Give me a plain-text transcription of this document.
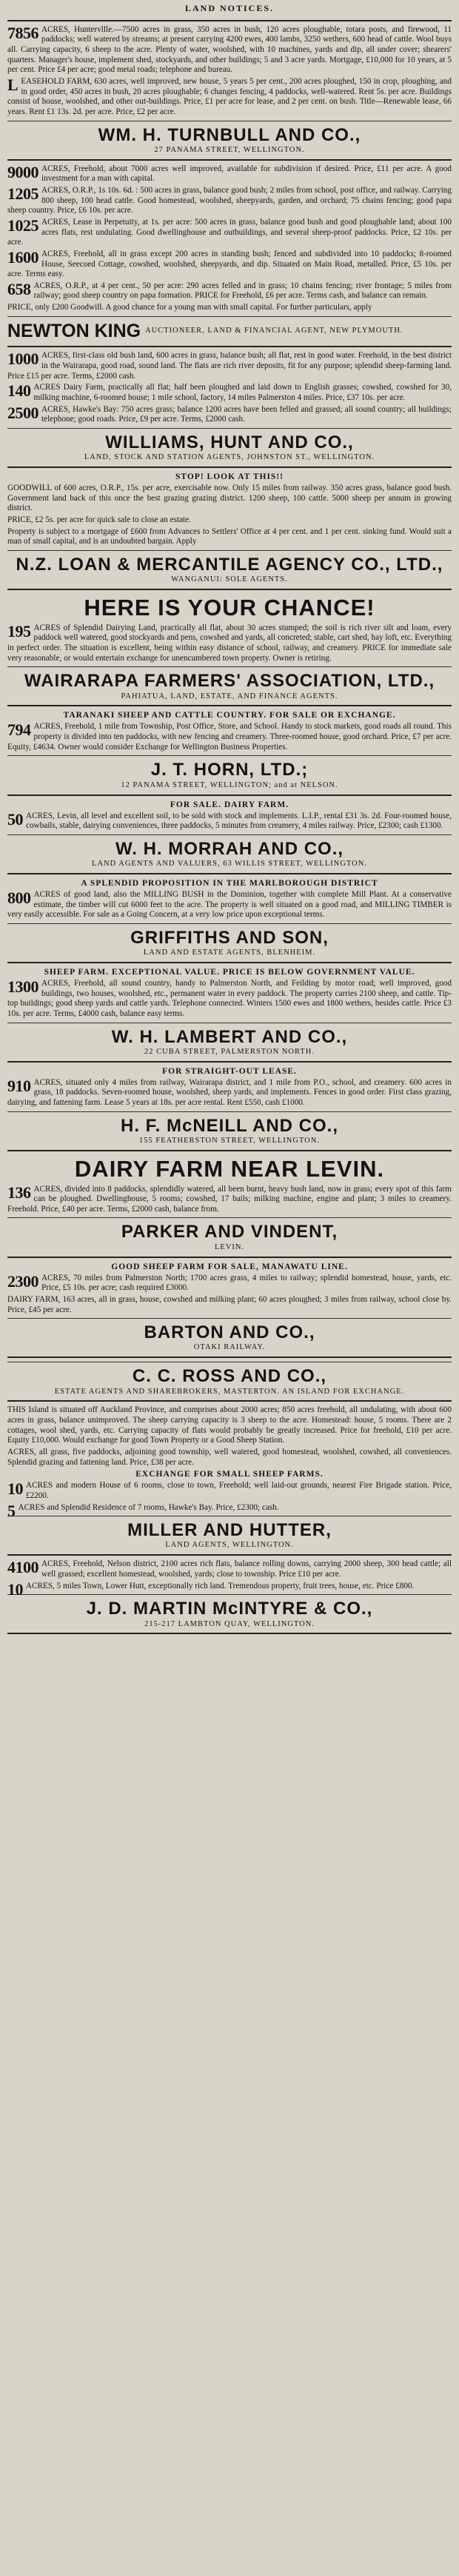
LAND NOTICES.
7856 ACRES, Huntervllle.—7500 acres in grass, 350 acres in bush, 120 acres ploughable, totara posts, and firewood, 11 paddocks; well watered by streams; at present carrying 4200 ewes, 400 lambs, 3250 wethers, 600 head of cattle. Wool buys all. Carrying capacity, 6 sheep to the acre. Plenty of water, woolshed, with 10 machines, yards and dip, all under cover; shearers' quarters. Manager's house, implement shed, stockyards, and other buildings; 5 and 3 acre yards. Mortgage, £10,000 for 10 years, at 5 per cent. Price £4 per acre; good metal roads; telephone and bureau.
LEASEHOLD FARM, 630 acres, well improved, new house, 5 years 5 per cent., 200 acres ploughed, 150 in crop, ploughing, and in good order, 450 acres in bush, 20 acres ploughable; 6 changes fencing, 4 paddocks, well-watered. Rent 5s. per acre. Buildings consist of house, woolshed, and other out-buildings. Price, £1 per acre for lease, and 2 per cent. on bush. Title—Renewable lease, 66 years. Rent £1 13s. 2d. per acre. Price, £2 per acre.
WM. H. TURNBULL AND CO.,
27 PANAMA STREET, WELLINGTON.
9000 ACRES, Freehold, about 7000 acres well improved, available for subdivision if desired. Price, £11 per acre. A good investment for a man with capital.
1205 ACRES, O.R.P., 1s 10s. 6d. : 500 acres in grass, balance good bush; 2 miles from school, post office, and railway. Carrying 800 sheep, 100 head cattle. Good homestead, woolshed, sheepyards, garden, and orchard; 75 chains fencing; good papa sheep country. Price, £6 10s. per acre.
1025 ACRES, Lease in Perpetuity, at 1s. per acre: 500 acres in grass, balance good bush and good ploughable land; about 100 acres flats, rest undulating. Good dwellinghouse and outbuildings, and several sheep-proof paddocks. Price, £2 10s. per acre.
1600 ACRES, Freehold, all in grass except 200 acres in standing bush; fenced and subdivided into 10 paddocks; 8-roomed House, Seecoed Cottage, cowshed, woolshed, sheepyards, and dip. Situated on Main Road, metalled. Price, £5 10s. per acre. Terms easy.
658 ACRES, O.R.P., at 4 per cent., 50 per acre: 290 acres felled and in grass; 10 chains fencing; river frontage; 5 miles from railway; good sheep country on papa formation. PRICE for Freehold, £6 per acre. Terms cash, and balance can remain.
PRICE, only £200 Goodwill. A good chance for a young man with small capital. For further particulars, apply
NEWTON KING AUCTIONEER, LAND & FINANCIAL AGENT, NEW PLYMOUTH.
1000 ACRES, first-class old bush land, 600 acres in grass, balance bush; all flat, rest in good water. Freehold, in the best district in the Wairarapa, good road, sound land. The flats are rich river deposits, fit for any purpose; splendid sheep-farming land. Price £15 per acre. Terms, £2000 cash.
140 ACRES Dairy Farm, practically all flat; half been ploughed and laid down to English grasses; cowshed, cowshed for 30, milking machine, 6-roomed house; 1 mile school, factory, 14 miles Palmerston 4 miles. Price, £37 10s. per acre.
2500 ACRES, Hawke's Bay: 750 acres grass; balance 1200 acres have been felled and grassed; all sound country; all buildings; telephone; good roads. Price, £9 per acre. Terms, £2000 cash.
WILLIAMS, HUNT AND CO.,
LAND, STOCK AND STATION AGENTS, JOHNSTON ST., WELLINGTON.
STOP! LOOK AT THIS!!
GOODWILL of 600 acres, O.R.P., 15s. per acre, exercisable now. Only 15 miles from railway. 350 acres grass, balance good bush. Government land back of this once the best grazing grazing district. 1200 sheep, 100 cattle. 5000 sheep per annum in growing district.
PRICE, £2 5s. per acre for quick sale to close an estate.
Property is subject to a mortgage of £600 from Advances to Settlers' Office at 4 per cent. and 1 per cent. sinking fund. Would suit a man of small capital, and is an undoubted bargain. Apply
N.Z. LOAN & MERCANTILE AGENCY CO., LTD.,
WANGANUI: SOLE AGENTS.
HERE IS YOUR CHANCE!
195 ACRES of Splendid Dairying Land, practically all flat, about 30 acres stumped; the soil is rich river silt and loam, every paddock well watered, good stockyards and pens, cowshed and yards, all concreted; stable, cart shed, hay loft, etc. Everything in perfect order. The situation is excellent, being within easy distance of school, railway, and creamery. PRICE for immediate sale very reasonable, or would entertain exchange for unencumbered town property. Owner is retiring.
WAIRARAPA FARMERS' ASSOCIATION, LTD.,
PAHIATUA, LAND, ESTATE, AND FINANCE AGENTS.
TARANAKI SHEEP AND CATTLE COUNTRY. FOR SALE OR EXCHANGE.
794 ACRES, Freehold, 1 mile from Township, Post Office, Store, and School. Handy to stock markets, good roads all round. This property is divided into ten paddocks, with new fencing and creamery. Three-roomed house, good orchard. Price, £7 per acre. Equity, £4634. Owner would consider Exchange for Wellington Business Properties.
J. T. HORN, LTD.;
12 PANAMA STREET, WELLINGTON; and at NELSON.
FOR SALE. DAIRY FARM.
50 ACRES, Levin, all level and excellent soil, to be sold with stock and implements. L.I.P., rental £31 3s. 2d. Four-roomed house, cowbails, stable, dairying conveniences, three paddocks, 5 minutes from creamery, 4 miles railway. Price, £2300; cash £1300.
W. H. MORRAH AND CO.,
LAND AGENTS AND VALUERS, 63 WILLIS STREET, WELLINGTON.
A SPLENDID PROPOSITION IN THE MARLBOROUGH DISTRICT
800 ACRES of good land, also the MILLING BUSH in the Dominion, together with complete Mill Plant. At a conservative estimate, the timber will cut 6000 feet to the acre. The property is well situated on a good road, and MILLING TIMBER is very easily accessible. For sale as a Going Concern, at a very low price upon exceptional terms.
GRIFFITHS AND SON,
LAND AND ESTATE AGENTS, BLENHEIM.
SHEEP FARM. EXCEPTIONAL VALUE. PRICE IS BELOW GOVERNMENT VALUE.
1300 ACRES, Freehold, all sound country, handy to Palmerston North, and Feilding by motor road; well improved, good buildings, two houses, woolshed, etc., permanent water in every paddock. The property carries 2100 sheep, and cattle. Tip-top buildings; good sheep yards and cattle yards. Telephone connected. Winters 1500 ewes and 1800 wethers, besides cattle. Price £3 10s. per acre. Terms, £4000 cash, balance easy terms.
W. H. LAMBERT AND CO.,
22 CUBA STREET, PALMERSTON NORTH.
FOR STRAIGHT-OUT LEASE.
910 ACRES, situated only 4 miles from railway, Wairarapa district, and 1 mile from P.O., school, and creamery. 600 acres in grass, 18 paddocks. Seven-roomed house, woolshed, sheep yards, and implements. Fences in good order. First class grazing, dairying, and fattening farm. Lease 5 years at 18s. per acre rental. Rent £550, cash £1000.
H. F. McNEILL AND CO.,
155 FEATHERSTON STREET, WELLINGTON.
DAIRY FARM NEAR LEVIN.
136 ACRES, divided into 8 paddocks, splendidly watered, all been burnt, heavy bush land, now in grass; every spot of this farm can be ploughed. Dwellinghouse, 5 rooms; cowshed, 17 bails; milking machine, engine and plant; 3 miles to creamery. Freehold. Price, £40 per acre. Terms, £2000 cash, balance from.
PARKER AND VINDENT,
LEVIN.
GOOD SHEEP FARM FOR SALE, MANAWATU LINE.
2300 ACRES, 70 miles from Palmerston North; 1700 acres grass, 4 miles to railway; splendid homestead, house, yards, etc. Price, £5 10s. per acre; cash required £3000.
DAIRY FARM, 163 acres, all in grass, house, cowshed and milking plant; 60 acres ploughed; 3 miles from railway, school close by. Price, £45 per acre.
BARTON AND CO.,
OTAKI RAILWAY.
C. C. ROSS AND CO.,
ESTATE AGENTS AND SHAREBROKERS, MASTERTON. AN ISLAND FOR EXCHANGE.
THIS Island is situated off Auckland Province, and comprises about 2000 acres; 850 acres freehold, all undulating, with about 600 acres in grass, balance unimproved. The sheep carrying capacity is 3 sheep to the acre. Homestead: house, 5 rooms. There are 2 cottages, wool shed, yards, etc. Carrying capacity of flats would probably be greatly increased. Price for freehold, £10 per acre. Equity £10,000. Would exchange for good Town Property or a Good Sheep Station.
ACRES, all grass, five paddocks, adjoining good township, well watered, good homestead, woolshed, cowshed, all conveniences. Splendid grazing and fattening land. Price, £38 per acre.
EXCHANGE FOR SMALL SHEEP FARMS.
10 ACRES and modern House of 6 rooms, close to town, Freehold; well laid-out grounds, nearest Fire Brigade station. Price, £2200.
5 ACRES and Splendid Residence of 7 rooms, Hawke's Bay. Price, £2300; cash.
MILLER AND HUTTER,
LAND AGENTS, WELLINGTON.
4100 ACRES, Freehold, Nelson district, 2100 acres rich flats, balance rolling downs, carrying 2000 sheep, 300 head cattle; all well grassed; excellent homestead, woolshed, yards; close to township. Price £10 per acre.
10 ACRES, 5 miles Town, Lower Hutt, exceptionally rich land. Tremendous property, fruit trees, house, etc. Price £800.
J. D. MARTIN McINTYRE & CO.,
215-217 LAMBTON QUAY, WELLINGTON.
